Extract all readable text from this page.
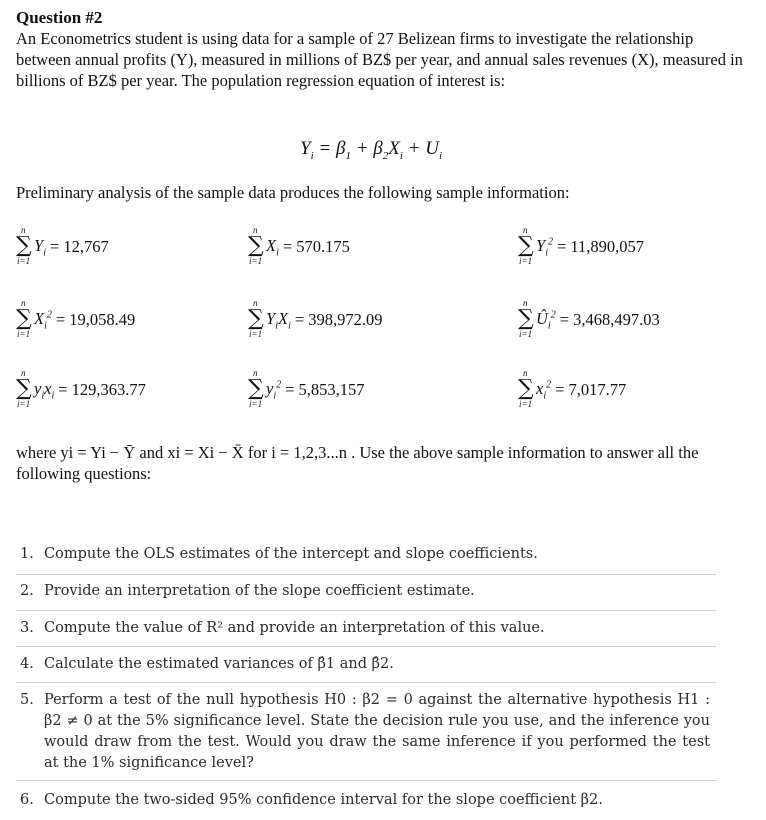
Question #2
An Econometrics student is using data for a sample of 27 Belizean firms to investigate the relationship between annual profits (Y), measured in millions of BZ$ per year, and annual sales revenues (X), measured in billions of BZ$ per year. The population regression equation of interest is:
$Y_i = \beta_1 + \beta_2X_i + U_i$
Preliminary analysis of the sample data produces the following sample information:
n
∑
i=1
$Y_i = 12,767$
n
∑
i=1
$X_i = 570.175$
n
∑
i=1
$Y_i^2 = 11,890,057$
n
∑
i=1
$X_i^2 = 19,058.49$
n
∑
i=1
$Y_iX_i = 398,972.09$
n
∑
i=1
$Û_i^2 = 3,468,497.03$
n
∑
i=1
$y_ix_i = 129,363.77$
n
∑
i=1
$y_i^2 = 5,853,157$
n
∑
i=1
$x_i^2 = 7,017.77$
where yi = Yi − Ȳ and xi = Xi − X̄ for i = 1,2,3...n . Use the above sample information to answer all the following questions:
1. Compute the OLS estimates of the intercept and slope coefficients.
2. Provide an interpretation of the slope coefficient estimate.
3. Compute the value of R² and provide an interpretation of this value.
4. Calculate the estimated variances of β̂1 and β̂2.
5. Perform a test of the null hypothesis H0 : β2 = 0 against the alternative hypothesis H1 : β2 ≠ 0 at the 5% significance level. State the decision rule you use, and the inference you would draw from the test. Would you draw the same inference if you performed the test at the 1% significance level?
6. Compute the two-sided 95% confidence interval for the slope coefficient β2.
